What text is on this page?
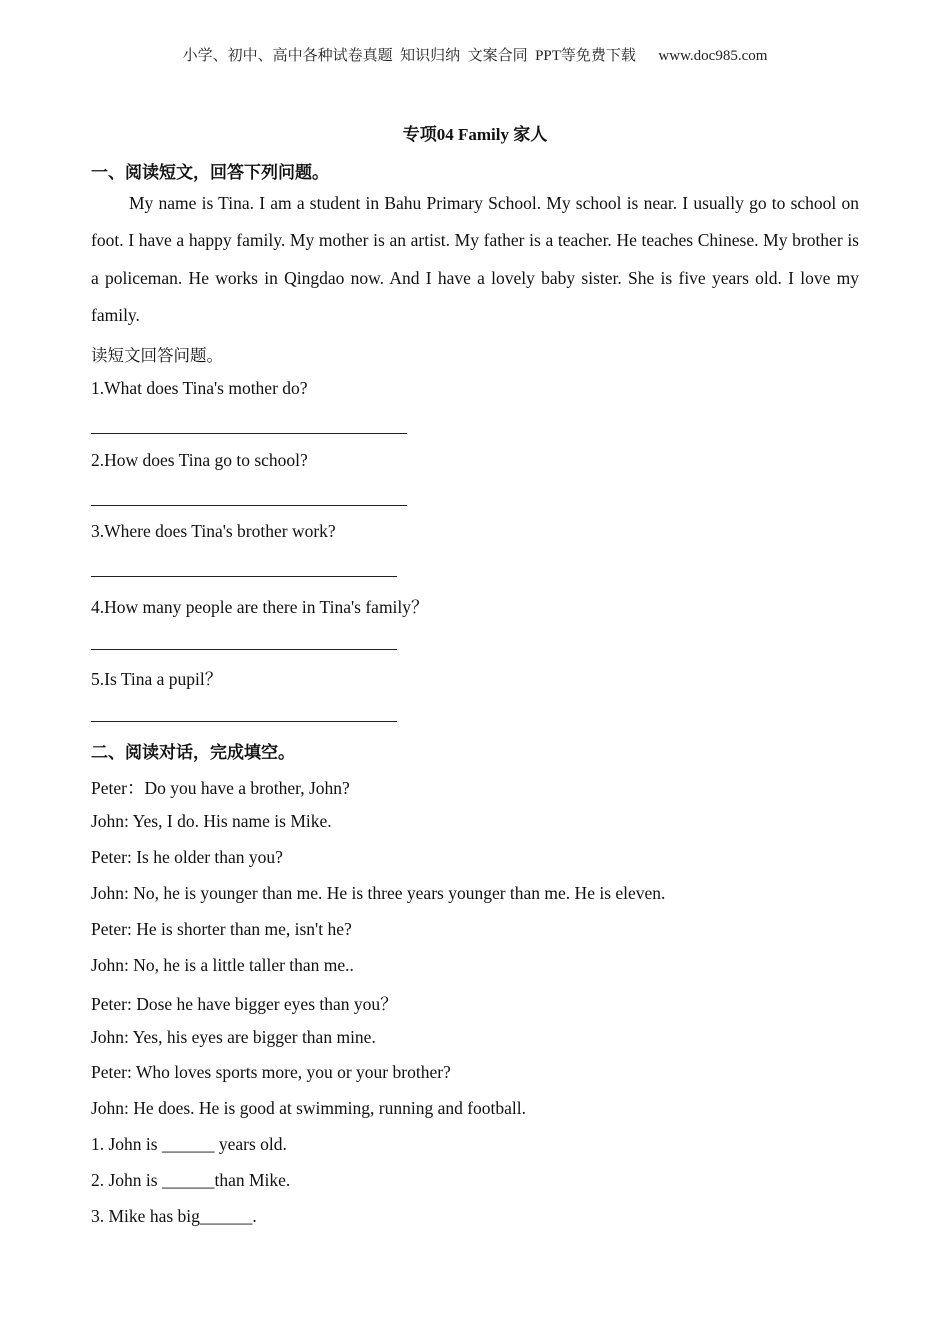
小学、初中、高中各种试卷真题  知识归纳  文案合同  PPT等免费下载      www.doc985.com
专项04 Family 家人
一、阅读短文，回答下列问题。

My name is Tina. I am a student in Bahu Primary School. My school is near. I usually go to school on foot. I have a happy family. My mother is an artist. My father is a teacher. He teaches Chinese. My brother is a policeman. He works in Qingdao now. And I have a lovely baby sister. She is five years old. I love my family.

读短文回答问题。
1.What does Tina's mother do?
2.How does Tina go to school?
3.Where does Tina's brother work?
4.How many people are there in Tina's family？
5.Is Tina a pupil？
二、阅读对话，完成填空。
Peter：Do you have a brother, John?
John: Yes, I do. His name is Mike.
Peter: Is he older than you?
John: No, he is younger than me. He is three years younger than me. He is eleven.
Peter: He is shorter than me, isn't he?
John: No, he is a little taller than me..
Peter: Dose he have bigger eyes than you？
John: Yes, his eyes are bigger than mine.
Peter: Who loves sports more, you or your brother?
John: He does. He is good at swimming, running and football.
1. John is ______ years old.
2. John is ______than Mike.
3. Mike has big______.
